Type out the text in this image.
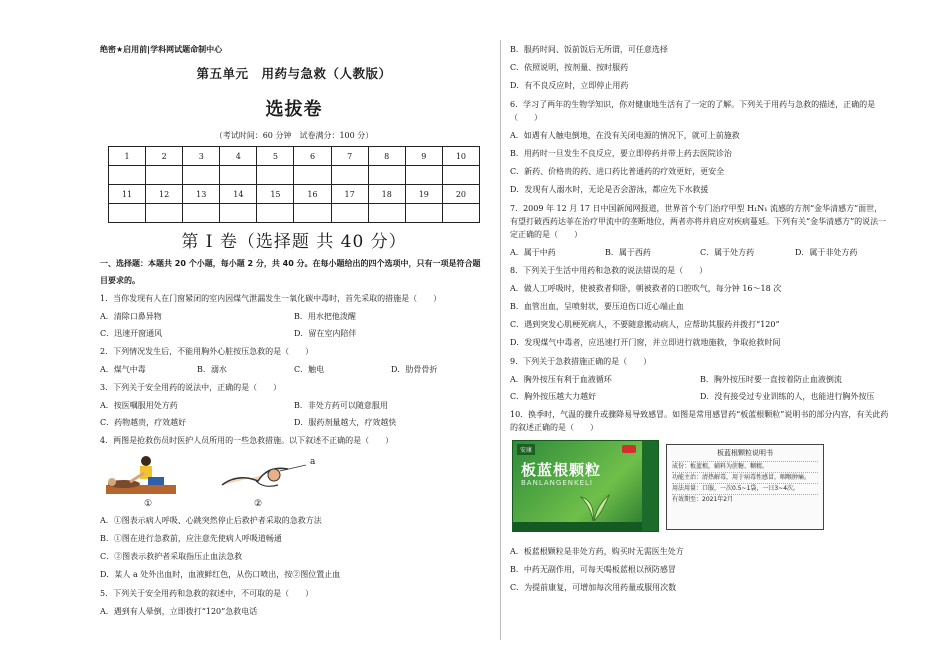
绝密★启用前|学科网试题命制中心

第五单元　用药与急救（人教版）

选拔卷

（考试时间：60 分钟　试卷满分：100 分）

1	2	3	4	5	6	7	8	9	10

11	12	13	14	15	16	17	18	19	20

第 I 卷（选择题 共 40 分）

一、选择题：本题共 20 个小题，每小题 2 分，共 40 分。在每小题给出的四个选项中，只有一项是符合题目要求的。

1．当你发现有人在门窗紧闭的室内因煤气泄漏发生一氧化碳中毒时，首先采取的措施是（　　）

A．清除口鼻异物	B．用水把他泼醒
C．迅速开窗通风	D．留在室内陪伴

2．下列情况发生后，不能用胸外心脏按压急救的是（　　）

A．煤气中毒	B．溺水	C．触电	D．肋骨骨折

3．下列关于安全用药的说法中，正确的是（　　）

A．按医嘱服用处方药	B．非处方药可以随意服用
C．药物越贵，疗效越好	D．服药剂量越大，疗效越快

4．两图是抢救伤员时医护人员所用的一些急救措施。以下叙述不正确的是（　　）

①	②
a

A．①图表示病人呼吸、心跳突然停止后救护者采取的急救方法

B．①图在进行急救前，应注意先使病人呼吸道畅通

C．②图表示救护者采取指压止血法急救

D．某人 a 处外出血时，血液鲜红色，从伤口喷出，按②图位置止血

5．下列关于安全用药和急救的叙述中，不可取的是（　　）

A．遇到有人晕倒，立即拨打“120”急救电话

B．服药时间、饭前饭后无所谓，可任意选择

C．依照说明，按剂量、按时服药

D．有不良反应时，立即停止用药

6．学习了两年的生物学知识，你对健康地生活有了一定的了解。下列关于用药与急救的描述，正确的是（　　）

A．如遇有人触电倒地，在没有关闭电源的情况下，就可上前施救

B．用药时一旦发生不良反应，要立即停药并带上药去医院诊治

C．新药、价格贵的药、进口药比普通药的疗效更好，更安全

D．发现有人溺水时，无论是否会游泳，都应先下水救援

7．2009 年 12 月 17 日中国新闻网报道，世界首个专门治疗甲型 H₁N₁ 流感的方剂“金华清感方”面世，有望打破西药达菲在治疗甲流中的垄断地位，两者亦将并肩应对疾病蔓延。下列有关“金华清感方”的说法一定正确的是（　　）

A．属于中药	B．属于西药	C．属于处方药	D．属于非处方药

8．下列关于生活中用药和急救的说法错误的是（　　）

A．做人工呼吸时，使被救者仰卧，朝被救者的口腔吹气，每分钟 16～18 次

B．血管出血，呈喷射状，要压迫伤口近心端止血

C．遇到突发心肌梗死病人，不要随意搬动病人，应帮助其服药并拨打“120”

D．发现煤气中毒者，应迅速打开门窗，并立即进行就地施救，争取抢救时间

9．下列关于急救措施正确的是（　　）

A．胸外按压有利于血液循环	B．胸外按压时要一直按着防止血液倒流
C．胸外按压越大力越好	D．没有接受过专业训练的人，也能进行胸外按压

10．换季时，气温的骤升或骤降易导致感冒。如图是常用感冒药“板蓝根颗粒”说明书的部分内容，有关此药的叙述正确的是（　　）

安康
板蓝根颗粒
BANLANGENKELI
板蓝根颗粒说明书
成份：板蓝根，辅料为蔗糖、糊精。
功能主治：清热解毒，用于病毒性感冒，咽喉肿痛。
用法用量：口服，一次0.5~1袋，一日3~4次。
有效期至：2021年2月

A．板蓝根颗粒是非处方药，购买时无需医生处方

B．中药无副作用，可每天喝板蓝根以预防感冒

C．为提前康复，可增加每次用药量或服用次数
